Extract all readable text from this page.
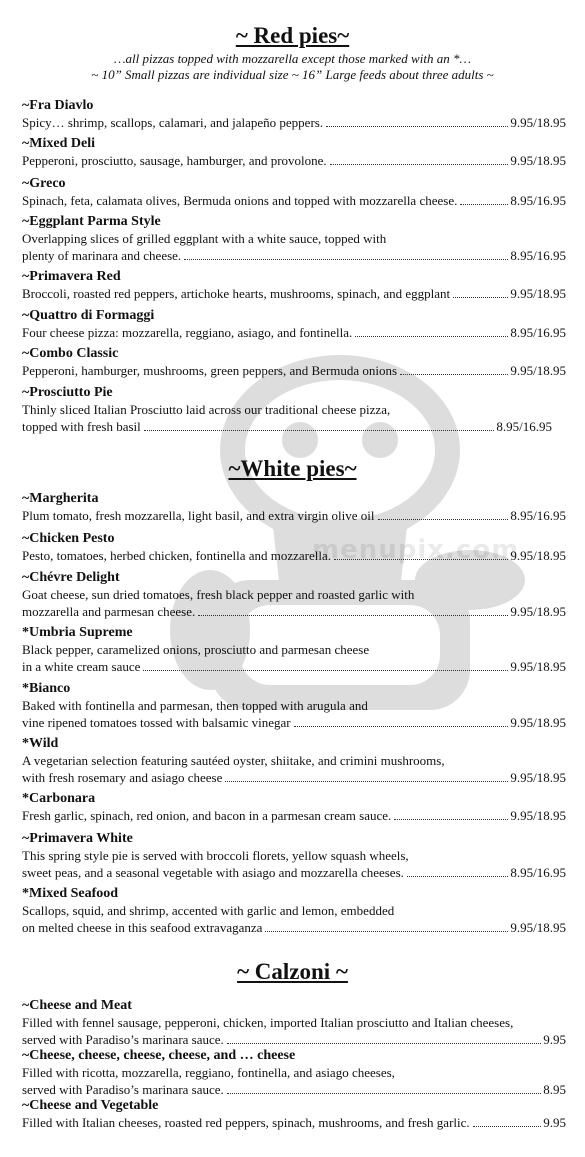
menupix.com
~ Red pies~
…all pizzas topped with mozzarella except those marked with an *…
~ 10” Small pizzas are individual size ~ 16” Large feeds about three adults ~
~Fra Diavlo
Spicy… shrimp, scallops, calamari, and jalapeño peppers.	9.95/18.95
~Mixed Deli
Pepperoni, prosciutto, sausage, hamburger, and provolone.	9.95/18.95
~Greco
Spinach, feta, calamata olives, Bermuda onions and topped with mozzarella cheese.	8.95/16.95
~Eggplant Parma Style
Overlapping slices of grilled eggplant with a white sauce, topped with
plenty of marinara and cheese.	8.95/16.95
~Primavera Red
Broccoli, roasted red peppers, artichoke hearts, mushrooms, spinach, and eggplant	9.95/18.95
~Quattro di Formaggi
Four cheese pizza: mozzarella, reggiano, asiago, and fontinella.	8.95/16.95
~Combo Classic
Pepperoni, hamburger, mushrooms, green peppers, and Bermuda onions	9.95/18.95
~Prosciutto Pie
Thinly sliced Italian Prosciutto laid across our traditional cheese pizza,
topped with fresh basil	8.95/16.95
~White pies~
~Margherita
Plum tomato, fresh mozzarella, light basil, and extra virgin olive oil	8.95/16.95
~Chicken Pesto
Pesto, tomatoes, herbed chicken, fontinella and mozzarella.	9.95/18.95
~Chévre Delight
Goat cheese, sun dried tomatoes, fresh black pepper and roasted garlic with
mozzarella and parmesan cheese.	9.95/18.95
*Umbria Supreme
Black pepper, caramelized onions, prosciutto and parmesan cheese
in a white cream sauce	9.95/18.95
*Bianco
Baked with fontinella and parmesan, then topped with arugula and
vine ripened tomatoes tossed with balsamic vinegar	9.95/18.95
*Wild
A vegetarian selection featuring sautéed oyster, shiitake, and crimini mushrooms,
with fresh rosemary and asiago cheese	9.95/18.95
*Carbonara
Fresh garlic, spinach, red onion, and bacon in a parmesan cream sauce.	9.95/18.95
~Primavera White
This spring style pie is served with broccoli florets, yellow squash wheels,
sweet peas, and a seasonal vegetable with asiago and mozzarella cheeses.	8.95/16.95
*Mixed Seafood
Scallops, squid, and shrimp, accented with garlic and lemon, embedded
on melted cheese in this seafood extravaganza	9.95/18.95
~ Calzoni ~
~Cheese and Meat
Filled with fennel sausage, pepperoni, chicken, imported Italian prosciutto and Italian cheeses,
served with Paradiso’s marinara sauce.	9.95
~Cheese, cheese, cheese, cheese, and … cheese
Filled with ricotta, mozzarella, reggiano, fontinella, and asiago cheeses,
served with Paradiso’s marinara sauce.	8.95
~Cheese and Vegetable
Filled with Italian cheeses, roasted red peppers, spinach, mushrooms, and fresh garlic.	9.95
